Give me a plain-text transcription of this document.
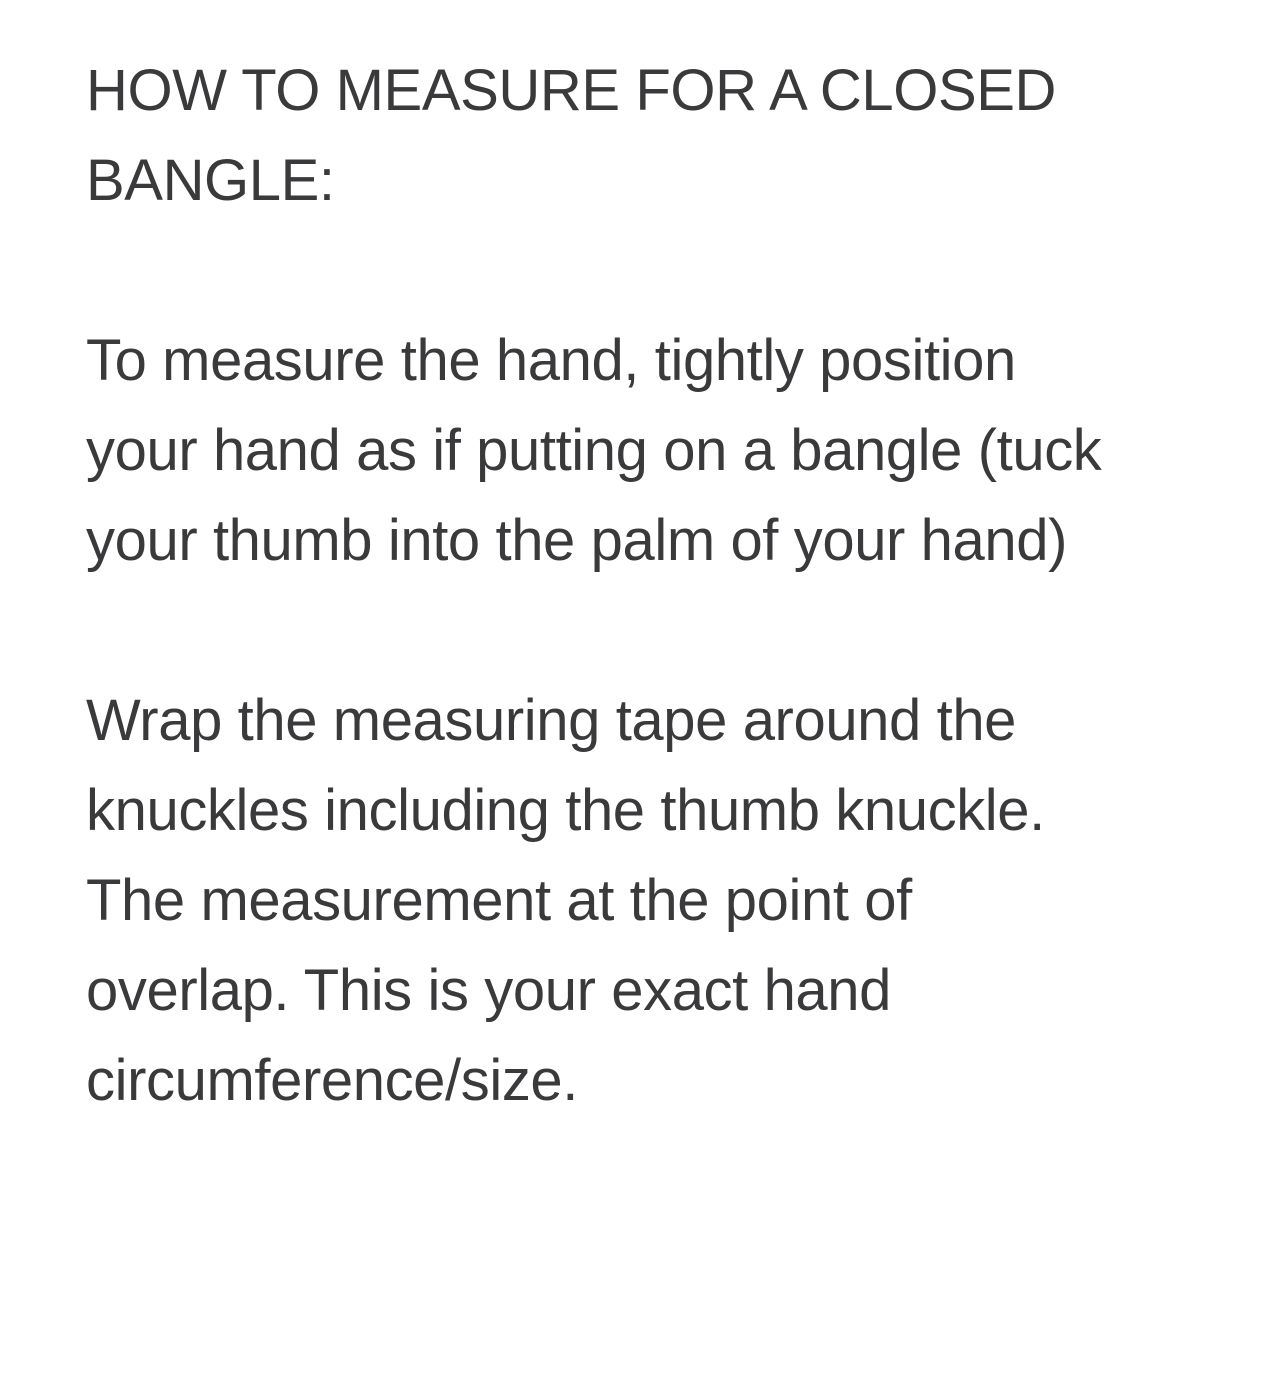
HOW TO MEASURE FOR A CLOSED
BANGLE:
To measure the hand, tightly position
your hand as if putting on a bangle (tuck
your thumb into the palm of your hand)
Wrap the measuring tape around the
knuckles including the thumb knuckle.
The measurement at the point of
overlap. This is your exact hand
circumference/size.
